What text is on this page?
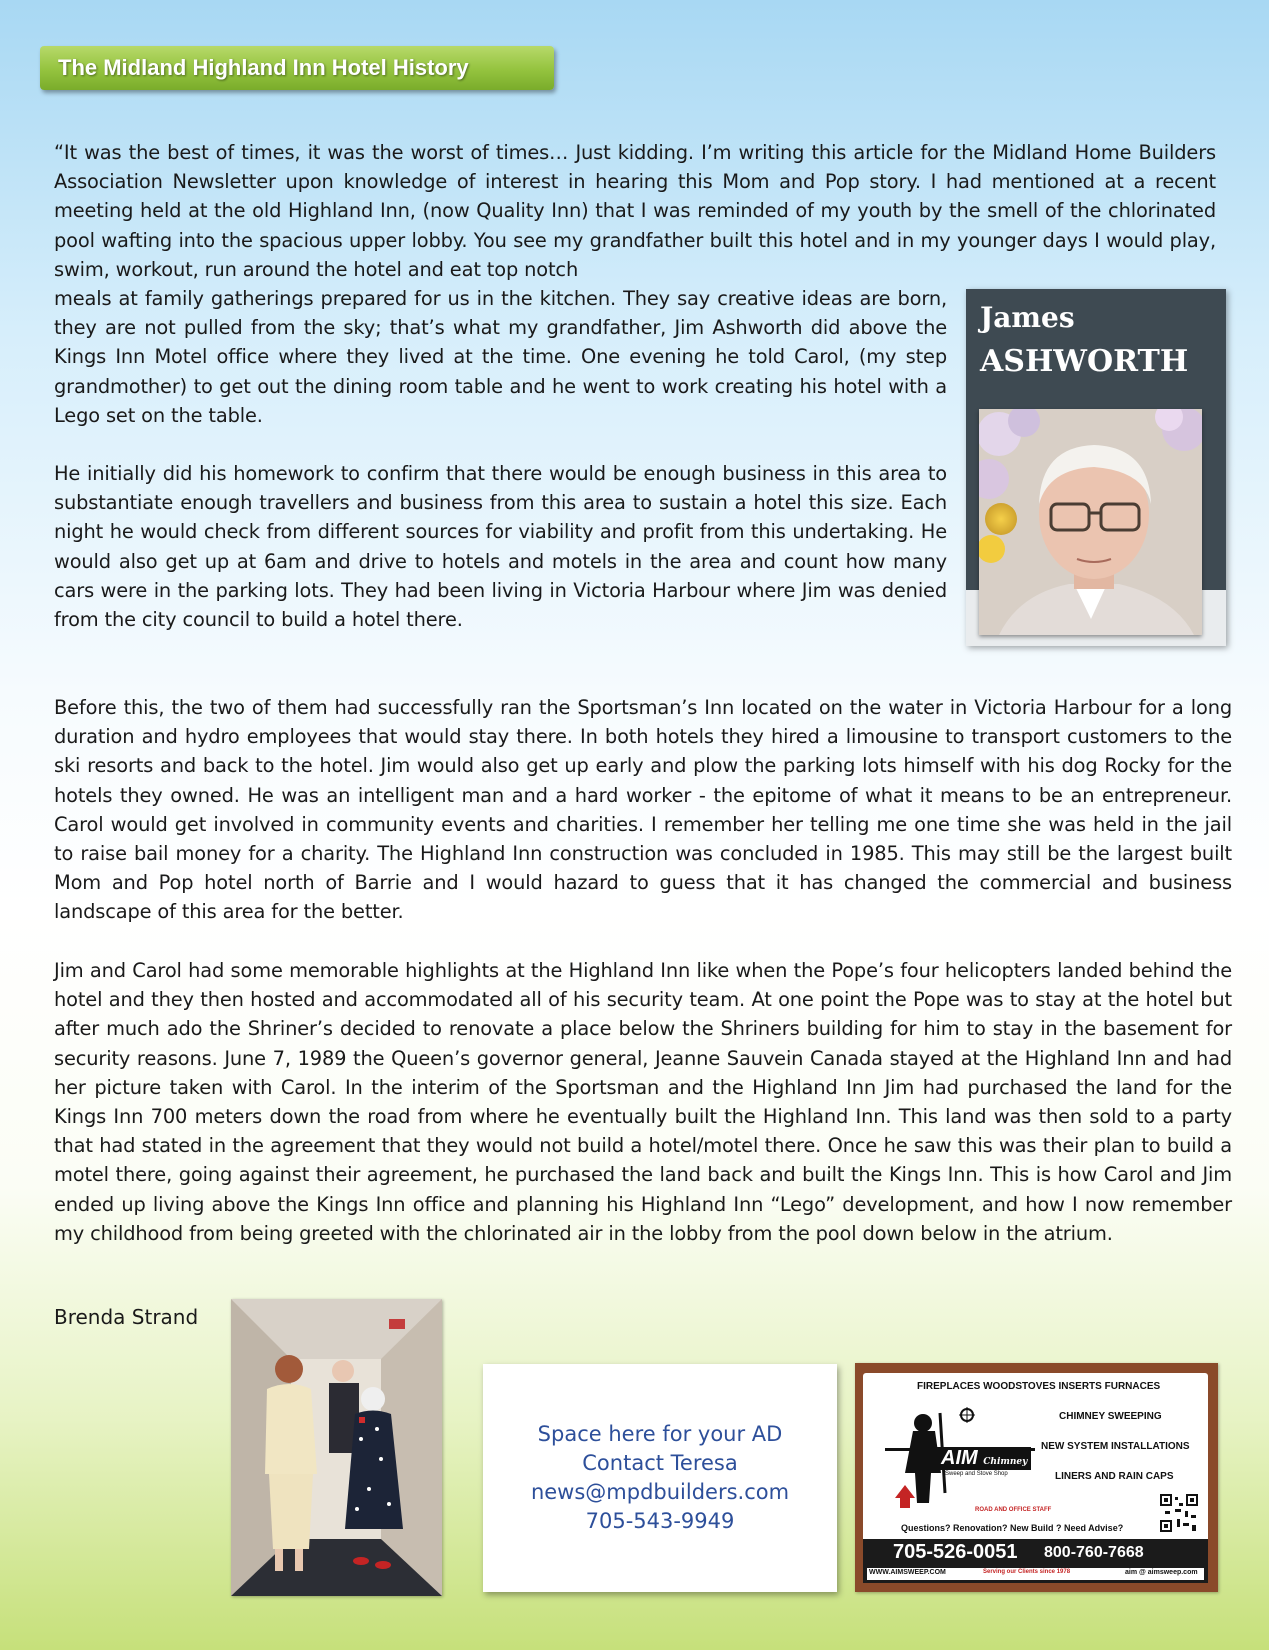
The Midland Highland Inn Hotel History

“It was the best of times, it was the worst of times… Just kidding. I’m writing this article for the Midland Home Builders Association Newsletter upon knowledge of interest in hearing this Mom and Pop story. I had mentioned at a recent meeting held at the old Highland Inn, (now Quality Inn) that I was reminded of my youth by the smell of the chlorinated pool wafting into the spacious upper lobby. You see my grandfather built this hotel and in my younger days I would play, swim, workout, run around the hotel and eat top notch

meals at family gatherings prepared for us in the kitchen. They say creative ideas are born, they are not pulled from the sky; that’s what my grandfather, Jim Ashworth did above the Kings Inn Motel office where they lived at the time. One evening he told Carol, (my step grandmother) to get out the dining room table and he went to work creating his hotel with a Lego set on the table.

He initially did his homework to confirm that there would be enough business in this area to substantiate enough travellers and business from this area to sustain a hotel this size. Each night he would check from different sources for viability and profit from this undertaking. He would also get up at 6am and drive to hotels and motels in the area and count how many cars were in the parking lots. They had been living in Victoria Harbour where Jim was denied from the city council to build a hotel there.

Before this, the two of them had successfully ran the Sportsman’s Inn located on the water in Victoria Harbour for a long duration and hydro employees that would stay there. In both hotels they hired a limousine to transport customers to the ski resorts and back to the hotel. Jim would also get up early and plow the parking lots himself with his dog Rocky for the hotels they owned. He was an intelligent man and a hard worker - the epitome of what it means to be an entrepreneur. Carol would get involved in community events and charities. I remember her telling me one time she was held in the jail to raise bail money for a charity. The Highland Inn construction was concluded in 1985. This may still be the largest built Mom and Pop hotel north of Barrie and I would hazard to guess that it has changed the commercial and business landscape of this area for the better.

Jim and Carol had some memorable highlights at the Highland Inn like when the Pope’s four helicopters landed behind the hotel and they then hosted and accommodated all of his security team. At one point the Pope was to stay at the hotel but after much ado the Shriner’s decided to renovate a place below the Shriners building for him to stay in the basement for security reasons. June 7, 1989 the Queen’s governor general, Jeanne Sauvein Canada stayed at the Highland Inn and had her picture taken with Carol. In the interim of the Sportsman and the Highland Inn Jim had purchased the land for the Kings Inn 700 meters down the road from where he eventually built the Highland Inn. This land was then sold to a party that had stated in the agreement that they would not build a hotel/motel there. Once he saw this was their plan to build a motel there, going against their agreement, he purchased the land back and built the Kings Inn. This is how Carol and Jim ended up living above the Kings Inn office and planning his Highland Inn “Lego” development, and how I now remember my childhood from being greeted with the chlorinated air in the lobby from the pool down below in the atrium.

Brenda Strand
James
ASHWORTH
Space here for your AD
Contact Teresa
news@mpdbuilders.com
705-543-9949
FIREPLACES WOODSTOVES INSERTS FURNACES
CHIMNEY SWEEPING
NEW SYSTEM INSTALLATIONS
LINERS AND RAIN CAPS
AIM Chimney
Sweep and Stove Shop
ROAD AND OFFICE STAFF
Questions? Renovation? New Build ? Need Advise?
705-526-0051 800-760-7668
WWW.AIMSWEEP.COM	Serving our Clients since 1978	aim @ aimsweep.com
